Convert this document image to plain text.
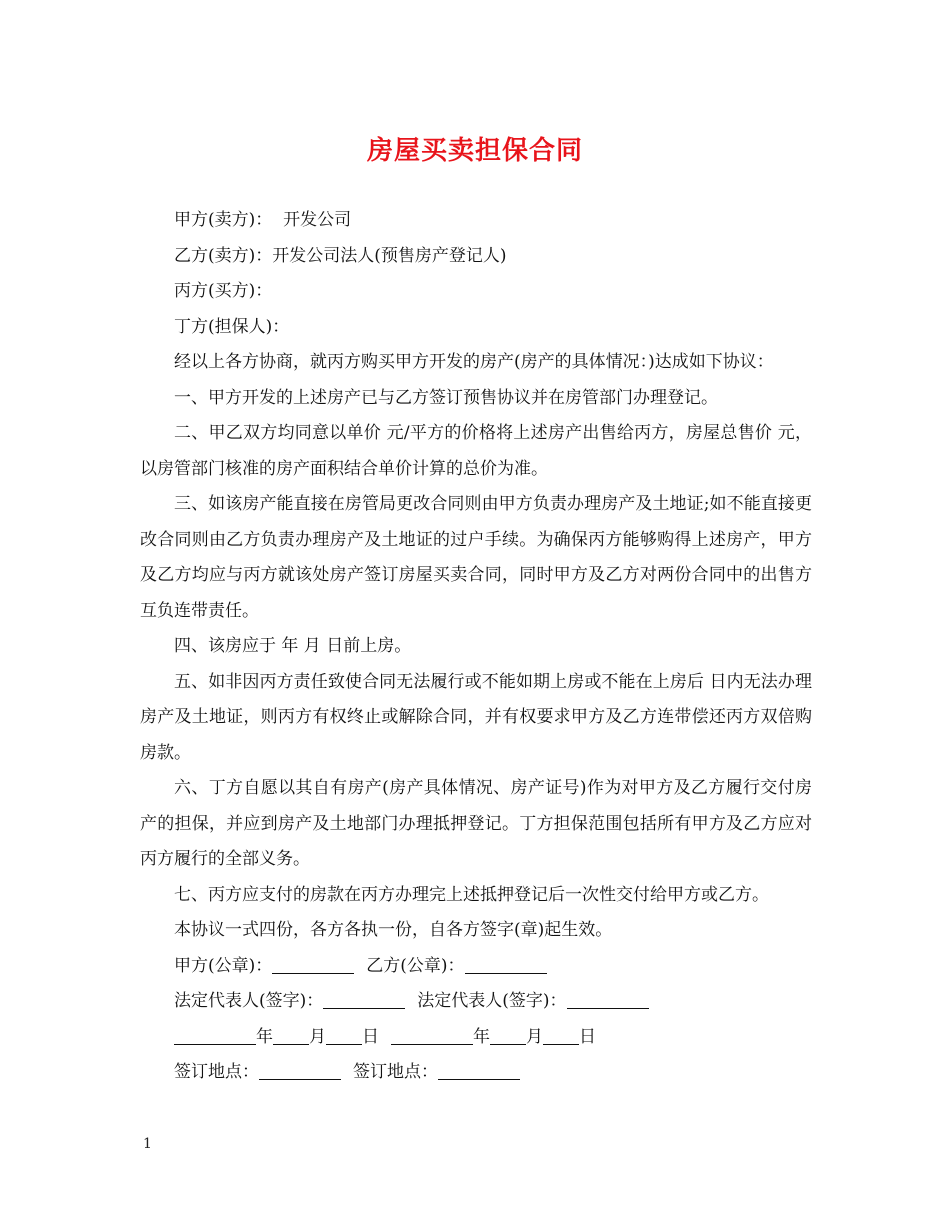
房屋买卖担保合同

甲方(卖方)：  开发公司

乙方(卖方)：开发公司法人(预售房产登记人)

丙方(买方)：

丁方(担保人)：

经以上各方协商，就丙方购买甲方开发的房产(房产的具体情况：)达成如下协议：

一、甲方开发的上述房产已与乙方签订预售协议并在房管部门办理登记。

二、甲乙双方均同意以单价 元/平方的价格将上述房产出售给丙方，房屋总售价 元，以房管部门核准的房产面积结合单价计算的总价为准。

三、如该房产能直接在房管局更改合同则由甲方负责办理房产及土地证;如不能直接更改合同则由乙方负责办理房产及土地证的过户手续。为确保丙方能够购得上述房产，甲方及乙方均应与丙方就该处房产签订房屋买卖合同，同时甲方及乙方对两份合同中的出售方互负连带责任。

四、该房应于 年 月 日前上房。

五、如非因丙方责任致使合同无法履行或不能如期上房或不能在上房后 日内无法办理房产及土地证，则丙方有权终止或解除合同，并有权要求甲方及乙方连带偿还丙方双倍购房款。

六、丁方自愿以其自有房产(房产具体情况、房产证号)作为对甲方及乙方履行交付房产的担保，并应到房产及土地部门办理抵押登记。丁方担保范围包括所有甲方及乙方应对丙方履行的全部义务。

七、丙方应支付的房款在丙方办理完上述抵押登记后一次性交付给甲方或乙方。

本协议一式四份，各方各执一份，自各方签字(章)起生效。

甲方(公章)：	乙方(公章)：
法定代表人(签字)：	法定代表人(签字)：
年 月 日	年 月 日
签订地点：	签订地点：
1
